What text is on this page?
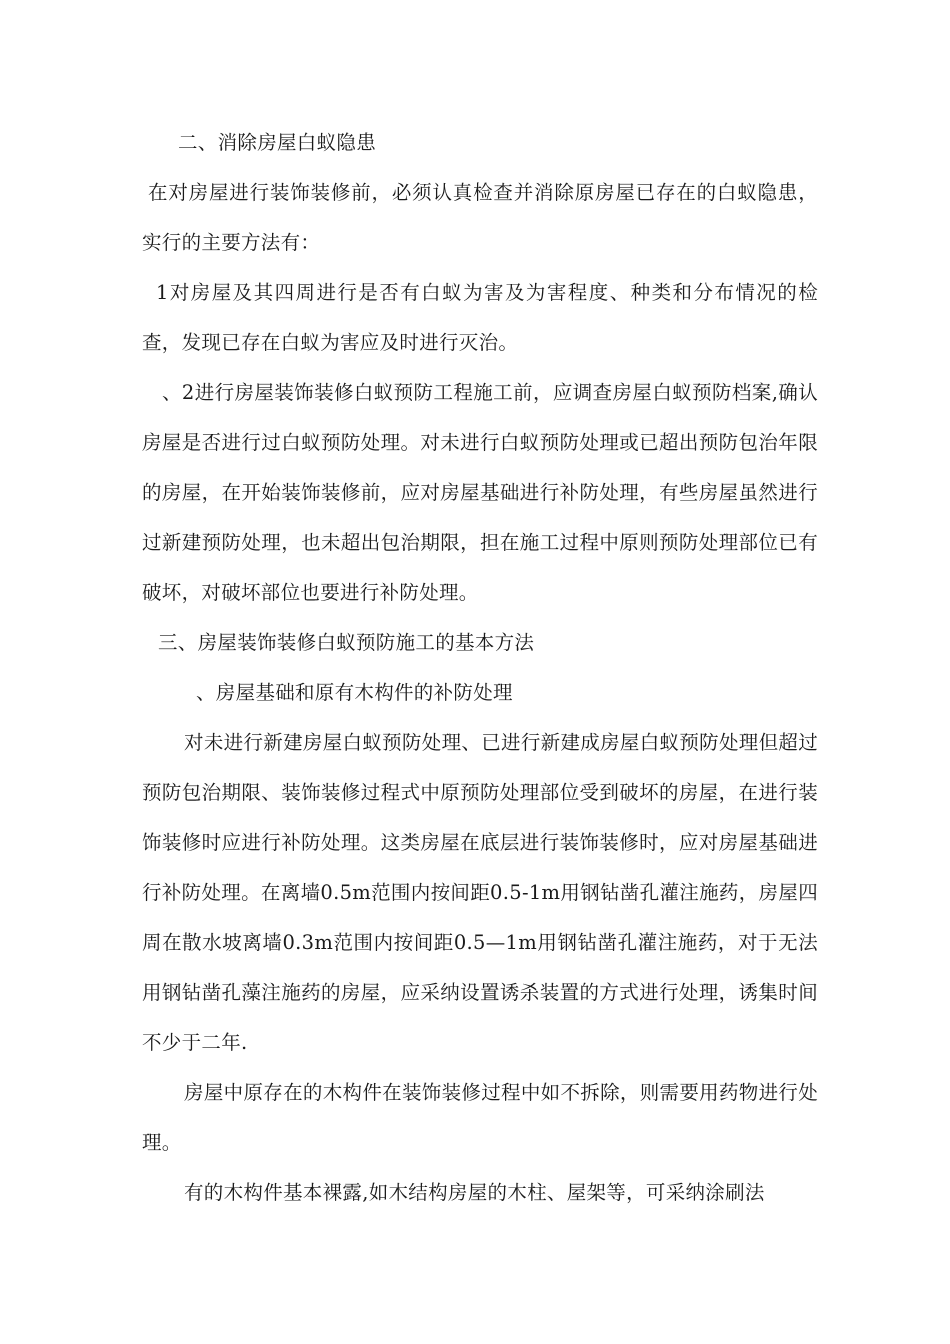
二、消除房屋白蚁隐患

在对房屋进行装饰装修前，必须认真检查并消除原房屋已存在的白蚁隐患，实行的主要方法有：

1对房屋及其四周进行是否有白蚁为害及为害程度、种类和分布情况的检查，发现已存在白蚁为害应及时进行灭治。

、2进行房屋装饰装修白蚁预防工程施工前，应调查房屋白蚁预防档案,确认房屋是否进行过白蚁预防处理。对未进行白蚁预防处理或已超出预防包治年限的房屋，在开始装饰装修前，应对房屋基础进行补防处理，有些房屋虽然进行过新建预防处理，也未超出包治期限，担在施工过程中原则预防处理部位已有破坏，对破坏部位也要进行补防处理。

三、房屋装饰装修白蚁预防施工的基本方法

、房屋基础和原有木构件的补防处理

对未进行新建房屋白蚁预防处理、已进行新建成房屋白蚁预防处理但超过预防包治期限、装饰装修过程式中原预防处理部位受到破坏的房屋，在进行装饰装修时应进行补防处理。这类房屋在底层进行装饰装修时，应对房屋基础进行补防处理。在离墙0.5m范围内按间距0.5-1m用钢钻凿孔灌注施药，房屋四周在散水坡离墙0.3m范围内按间距0.5—1m用钢钻凿孔灌注施药，对于无法用钢钻凿孔藻注施药的房屋，应采纳设置诱杀装置的方式进行处理，诱集时间不少于二年.

房屋中原存在的木构件在装饰装修过程中如不拆除，则需要用药物进行处理。

有的木构件基本裸露,如木结构房屋的木柱、屋架等，可采纳涂刷法
